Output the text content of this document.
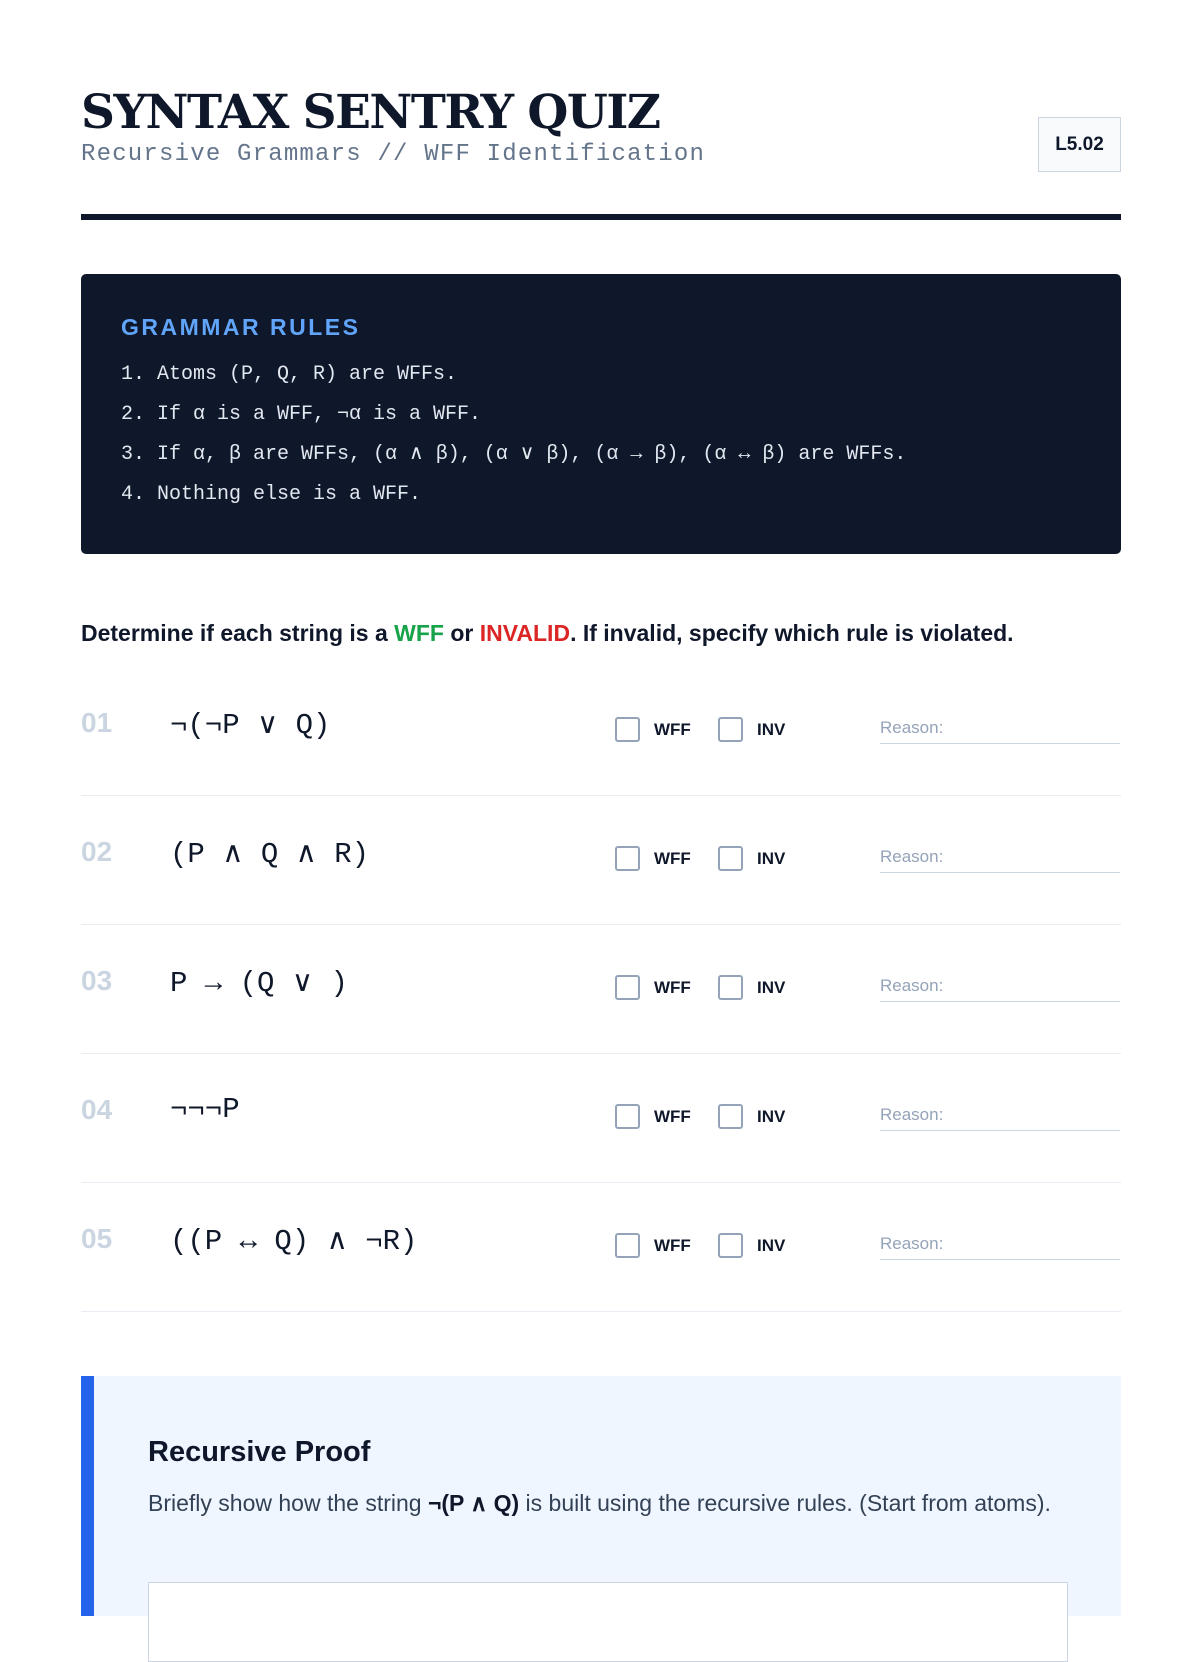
SYNTAX SENTRY QUIZ
Recursive Grammars // WFF Identification	L5.02
GRAMMAR RULES
1. Atoms (P, Q, R) are WFFs.
2. If α is a WFF, ¬α is a WFF.
3. If α, β are WFFs, (α ∧ β), (α ∨ β), (α → β), (α ↔ β) are WFFs.
4. Nothing else is a WFF.
Determine if each string is a WFF or INVALID. If invalid, specify which rule is violated.
01 ¬(¬P ∨ Q)	WFF	INV
Reason:
02 (P ∧ Q ∧ R)	WFF	INV
Reason:
03 P → (Q ∨ )	WFF	INV
Reason:
04 ¬¬¬P	WFF	INV
Reason:
05 ((P ↔ Q) ∧ ¬R)	WFF	INV
Reason:
Recursive Proof

Briefly show how the string ¬(P ∧ Q) is built using the recursive rules. (Start from atoms).
